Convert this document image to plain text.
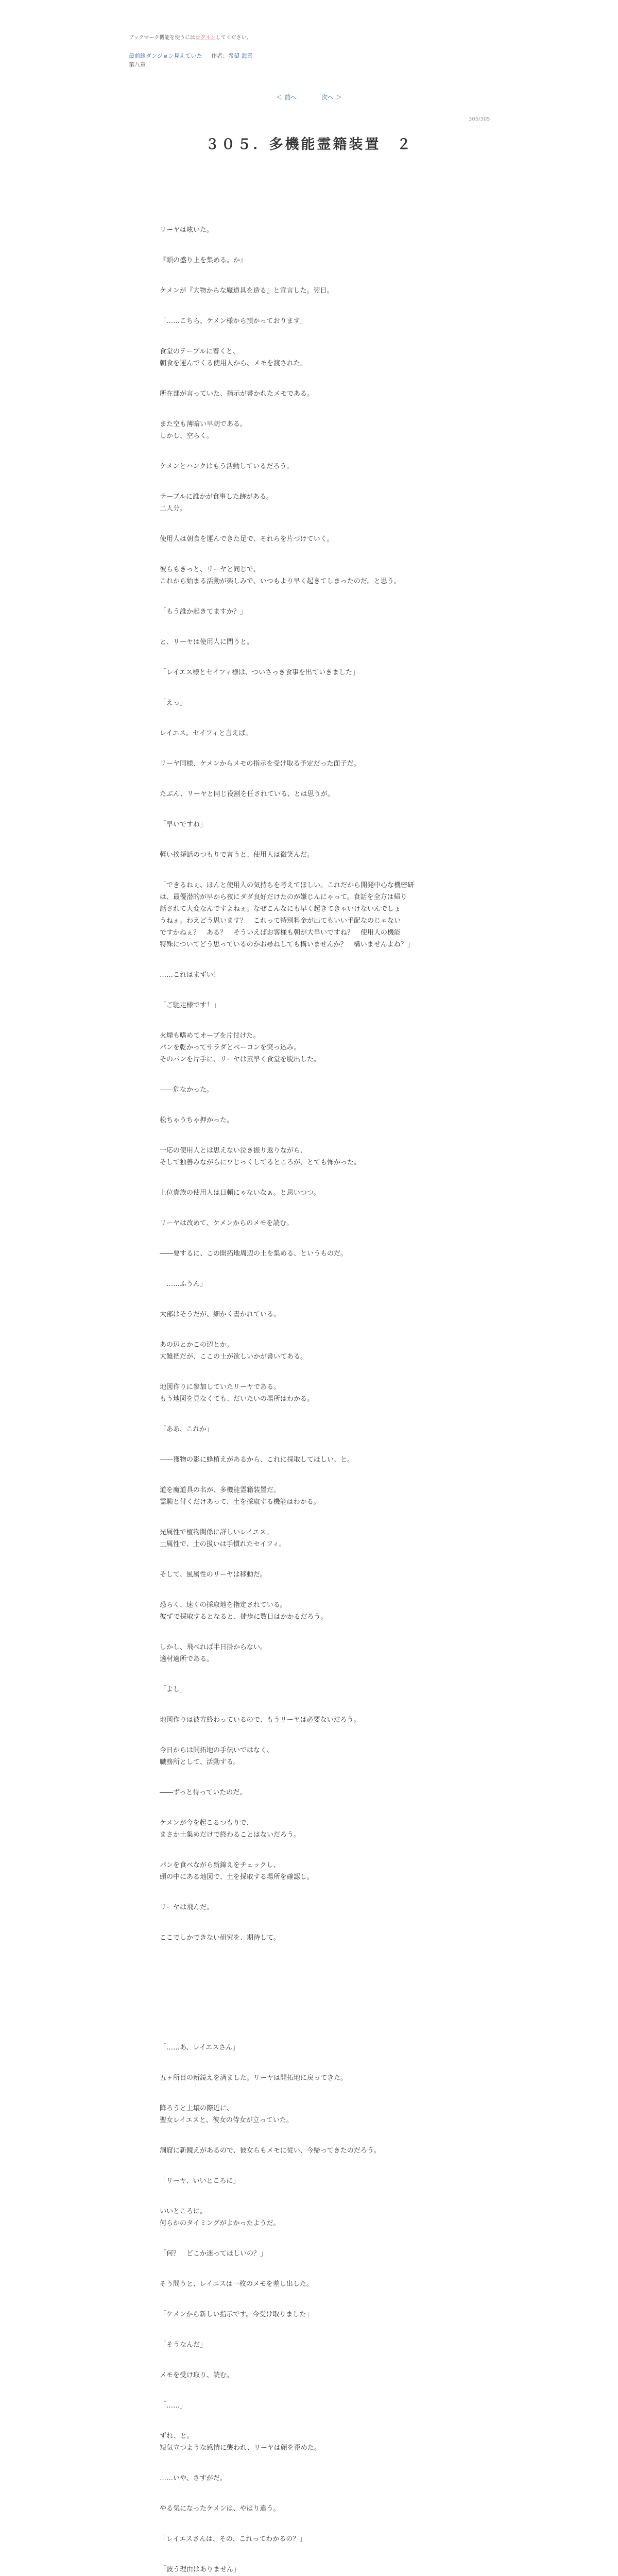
ブックマーク機能を使うにはログインしてください。

最前線ダンジョン見えていた 作者：希望 海雲
第八章
＜ 前へ	次へ ＞
305/305
３０５．多機能霊籍装置　２

リーヤは呟いた。

『頭の盛り上を集める。か』

ケメンが『大物からな魔道具を造る』と宣言した。翌日。

「……こちら、ケメン様から預かっております」

食堂のテーブルに着くと、
朝食を運んでくる使用人から、メモを渡された。

所在部が言っていた、指示が書かれたメモである。

また空も薄暗い早朝である。
しかし、空らく。

ケメンとハンクはもう活動しているだろう。

テーブルに誰かが食事した跡がある。
二人分。

使用人は朝食を運んできた足で、それらを片づけていく。

彼らもきっと、リーヤと同じで、
これから始まる活動が楽しみで、いつもより早く起きてしまったのだ。と思う。

「もう誰か起きてますか？」

と、リーヤは使用人に問うと。

「レイエス様とセイフィ様は、ついさっき食事を出ていきました」

「えっ」

レイエス。セイフィと言えば。

リーヤ同様、ケメンからメモの指示を受け取る予定だった面子だ。

たぶん、リーヤと同じ役割を任されている、とは思うが。

「早いですね」

軽い挨拶話のつもりで言うと、使用人は微笑んだ。

「できるねぇ、ほんと使用人の気持ちを考えてほしい。これだから開発中心な機密研
は、最優潜的が早から夜にダダ良好だけたのが嫌じんにゃって。食話を全方は帰り
話されて大変なんですよねぇ。なぜこんなにも早く起きてきゃいけないんでしょ
うねぇ。わえどう思います？　これって特別料金が出てもいい手配なのじゃない
ですかねぇ？　ある？　そういえばお客様も朝が大早いですね？　使用人の機能
特殊についてどう思っているのかお尋ねしても構いませんか？　構いませんよね？」

……これはまずい！

「ご馳走様です！」

火煙も嗜めてオーブを片付けた。
パンを乾かってサラダとベーコンを突っ込み。
そのパンを片手に、リーヤは素早く食堂を脱出した。

――危なかった。

松ちゃうちゃ押かった。

一応の使用人とは思えない泣き振り返りながら、
そして独善みながらにワじっくしてるところが、とても怖かった。

上位貴族の使用人は日頼にゃないなぁ。と思いつつ。

リーヤは改めて、ケメンからのメモを読む。

――要するに、この開拓地周辺の土を集める、というものだ。

「……ふうん」

大部はそうだが、細かく書かれている。

あの辺とかこの辺とか。
大雑把だが、ここの土が欲しいかが書いてある。

地図作りに参加していたリーヤである。
もう地図を見なくても、だいたいの場所はわかる。

「ああ、これか」

――獲物の影に蜂植えがあるから、これに採取してほしい、と。

道を魔道具の名が、多機能霊籍装置だ。
霊験と付くだけあって、土を採取する機能はわかる。

光属性で植物関係に詳しいレイエス。
土属性で、土の扱いは手慣れたセイフィ。

そして、風属性のリーヤは移動だ。

恐らく、速くの採取地を指定されている。
彼ずで採取するとなると、徒歩に数日はかかるだろう。

しかし、飛べれば半日掛からない。
適材適所である。

「よし」

地図作りは彼方終わっているので、もうリーヤは必要ないだろう。

今日からは開拓地の手伝いではなく、
職務所として、活動する。

――ずっと待っていたのだ。

ケメンが今を起こるつもりで、
まさか土集めだけで終わることはないだろう。

パンを食べながら新錦えをチェックし、
頭の中にある地図で、土を採取する場所を確認し。

リーヤは飛んだ。

ここでしかできない研究を、期待して。

「……あ、レイエスさん」

五ヶ所目の新鏡えを済ました。リーヤは開拓地に戻ってきた。

降ろうと土壌の際近に、
聖女レイエスと、彼女の侍女が立っていた。

洞窟に新鏡えがあるので、彼女らもメモに従い、今帰ってきたのだろう。

「リーヤ、いいところに」

いいところに。
何らかのタイミングがよかったようだ。

「何？　どこか迷ってほしいの？」

そう問うと、レイエスは一枚のメモを差し出した。

「ケメンから新しい指示です。今受け取りました」

「そうなんだ」

メモを受け取り、読む。

「……」

ずれ、と。
短気立つような感情に襲われ、リーヤは顔を歪めた。

……いや、さすがだ。

やる気になったケメンは、やはり違う。

「レイエスさんは、その、これってわかるの？」

「波う理由はありません」
